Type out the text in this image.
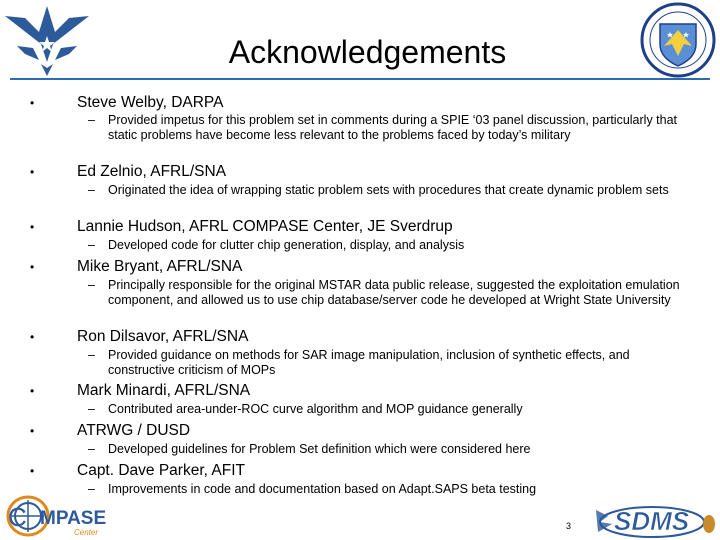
Acknowledgements
•	Steve Welby, DARPA
– Provided impetus for this problem set in comments during a SPIE ‘03 panel discussion, particularly that static problems have become less relevant to the problems faced by today’s military
•	Ed Zelnio, AFRL/SNA
– Originated the idea of wrapping static problem sets with procedures that create dynamic problem sets
•	Lannie Hudson, AFRL COMPASE Center, JE Sverdrup
– Developed code for clutter chip generation, display, and analysis
•	Mike Bryant, AFRL/SNA
– Principally responsible for the original MSTAR data public release, suggested the exploitation emulation component, and allowed us to use chip database/server code he developed at Wright State University
•	Ron Dilsavor, AFRL/SNA
– Provided guidance on methods for SAR image manipulation, inclusion of synthetic effects, and constructive criticism of MOPs
•	Mark Minardi, AFRL/SNA
– Contributed area-under-ROC curve algorithm and MOP guidance generally
•	ATRWG / DUSD
– Developed guidelines for Problem Set definition which were considered here
•	Capt. Dave Parker, AFIT
– Improvements in code and documentation based on Adapt.SAPS beta testing
C MPASE
Center
3 SDMS
